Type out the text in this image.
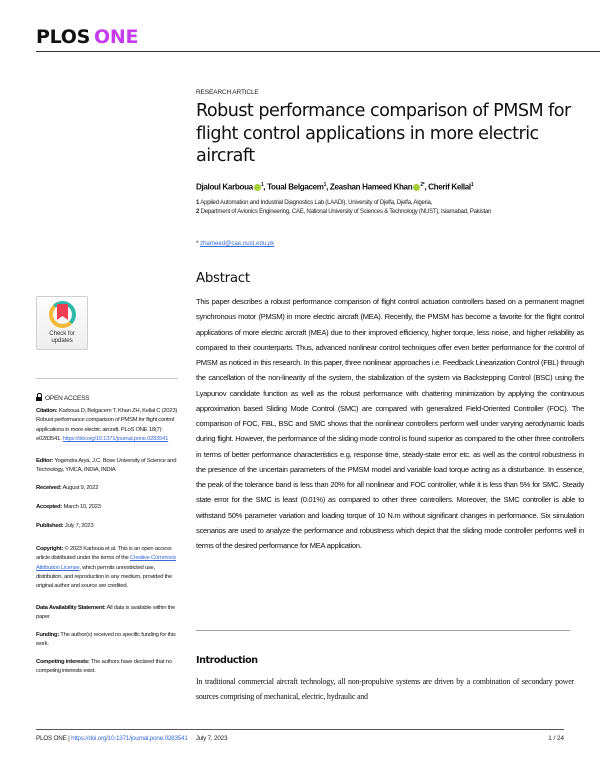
PLOS ONE
Check for
updates
OPEN ACCESS
Citation: Karboua D, Belgacem T, Khan ZH, Kellal C (2023) Robust performance comparison of PMSM for flight control applications in more electric aircraft. PLoS ONE 18(7): e0283541. https://doi.org/10.1371/journal.pone.0283541
Editor: Yogendra Arya, J.C. Bose University of Science and Technology, YMCA, INDIA, INDIA
Received: August 9, 2022
Accepted: March 10, 2023
Published: July 7, 2023
Copyright: © 2023 Karboua et al. This is an open access article distributed under the terms of the Creative Commons Attribution License, which permits unrestricted use, distribution, and reproduction in any medium, provided the original author and source are credited.
Data Availability Statement: All data is available within the paper.
Funding: The author(s) received no specific funding for this work.
Competing interests: The authors have declared that no competing interests exist.
RESEARCH ARTICLE
Robust performance comparison of PMSM for flight control applications in more electric aircraft
Djaloul Karboua $^1$, Toual Belgacem$^1$, Zeashan Hameed Khan $^{2*}$, Cherif Kellal$^1$
1 Applied Automation and Industrial Diagnostics Lab (LAADI), University of Djelfa, Djelfa, Algeria,
2 Department of Avionics Engineering, CAE, National University of Sciences & Technology (NUST), Islamabad, Pakistan
* zhameed@cae.nust.edu.pk
Abstract
This paper describes a robust performance comparison of flight control actuation controllers based on a permanent magnet synchronous motor (PMSM) in more electric aircraft (MEA). Recently, the PMSM has become a favorite for the flight control applications of more electric aircraft (MEA) due to their improved efficiency, higher torque, less noise, and higher reliability as compared to their counterparts. Thus, advanced nonlinear control techniques offer even better performance for the control of PMSM as noticed in this research. In this paper, three nonlinear approaches i.e. Feedback Linearization Control (FBL) through the cancellation of the non-linearity of the system, the stabilization of the system via Backstepping Control (BSC) using the Lyapunov candidate function as well as the robust performance with chattering minimization by applying the continuous approximation based Sliding Mode Control (SMC) are compared with generalized Field-Oriented Controller (FOC). The comparison of FOC, FBL, BSC and SMC shows that the nonlinear controllers perform well under varying aerodynamic loads during flight. However, the performance of the sliding mode control is found superior as compared to the other three controllers in terms of better performance characteristics e.g. response time, steady-state error etc. as well as the control robustness in the presence of the uncertain parameters of the PMSM model and variable load torque acting as a disturbance. In essence, the peak of the tolerance band is less than 20% for all nonlinear and FOC controller, while it is less than 5% for SMC. Steady state error for the SMC is least (0.01%) as compared to other three controllers. Moreover, the SMC controller is able to withstand 50% parameter variation and loading torque of 10 N.m without significant changes in performance. Six simulation scenarios are used to analyze the performance and robustness which depict that the sliding mode controller performs well in terms of the desired performance for MEA application.
Introduction
In traditional commercial aircraft technology, all non-propulsive systems are driven by a combination of secondary power sources comprising of mechanical, electric, hydraulic and
PLOS ONE | https://doi.org/10.1371/journal.pone.0283541 July 7, 2023	1 / 24
